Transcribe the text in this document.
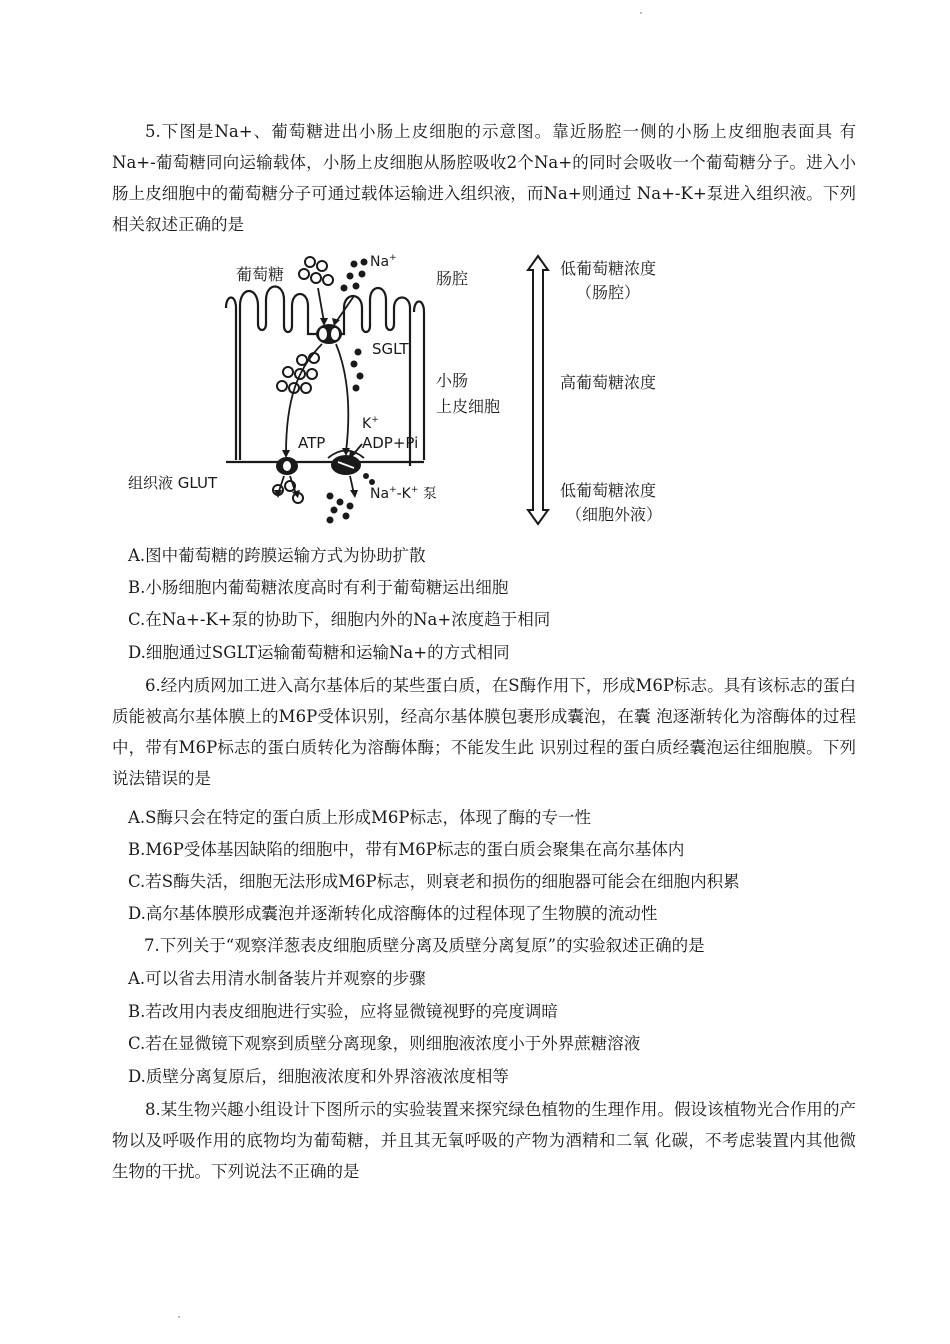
5.下图是Na+、葡萄糖进出小肠上皮细胞的示意图。靠近肠腔一侧的小肠上皮细胞表面具 有Na+-葡萄糖同向运输载体，小肠上皮细胞从肠腔吸收2个Na+的同时会吸收一个葡萄糖分子。进入小肠上皮细胞中的葡萄糖分子可通过载体运输进入组织液，而Na+则通过 Na+-K+泵进入组织液。下列相关叙述正确的是
葡萄糖
Na+
肠腔
SGLT
小肠
上皮细胞
K+
ATP ADP+Pi
组织液 GLUT
Na+-K+ 泵
低葡萄糖浓度
（肠腔）
高葡萄糖浓度
低葡萄糖浓度
（细胞外液）
A.图中葡萄糖的跨膜运输方式为协助扩散
B.小肠细胞内葡萄糖浓度高时有利于葡萄糖运出细胞
C.在Na+-K+泵的协助下，细胞内外的Na+浓度趋于相同
D.细胞通过SGLT运输葡萄糖和运输Na+的方式相同
6.经内质网加工进入高尔基体后的某些蛋白质，在S酶作用下，形成M6P标志。具有该标志的蛋白质能被高尔基体膜上的M6P受体识别，经高尔基体膜包裹形成囊泡，在囊 泡逐渐转化为溶酶体的过程中，带有M6P标志的蛋白质转化为溶酶体酶；不能发生此 识别过程的蛋白质经囊泡运往细胞膜。下列说法错误的是
A.S酶只会在特定的蛋白质上形成M6P标志，体现了酶的专一性
B.M6P受体基因缺陷的细胞中，带有M6P标志的蛋白质会聚集在高尔基体内
C.若S酶失活，细胞无法形成M6P标志，则衰老和损伤的细胞器可能会在细胞内积累
D.高尔基体膜形成囊泡并逐渐转化成溶酶体的过程体现了生物膜的流动性
7.下列关于“观察洋葱表皮细胞质壁分离及质壁分离复原”的实验叙述正确的是
A.可以省去用清水制备装片并观察的步骤
B.若改用内表皮细胞进行实验，应将显微镜视野的亮度调暗
C.若在显微镜下观察到质壁分离现象，则细胞液浓度小于外界蔗糖溶液
D.质壁分离复原后，细胞液浓度和外界溶液浓度相等
8.某生物兴趣小组设计下图所示的实验装置来探究绿色植物的生理作用。假设该植物光合作用的产物以及呼吸作用的底物均为葡萄糖，并且其无氧呼吸的产物为酒精和二氧 化碳，不考虑装置内其他微生物的干扰。下列说法不正确的是
